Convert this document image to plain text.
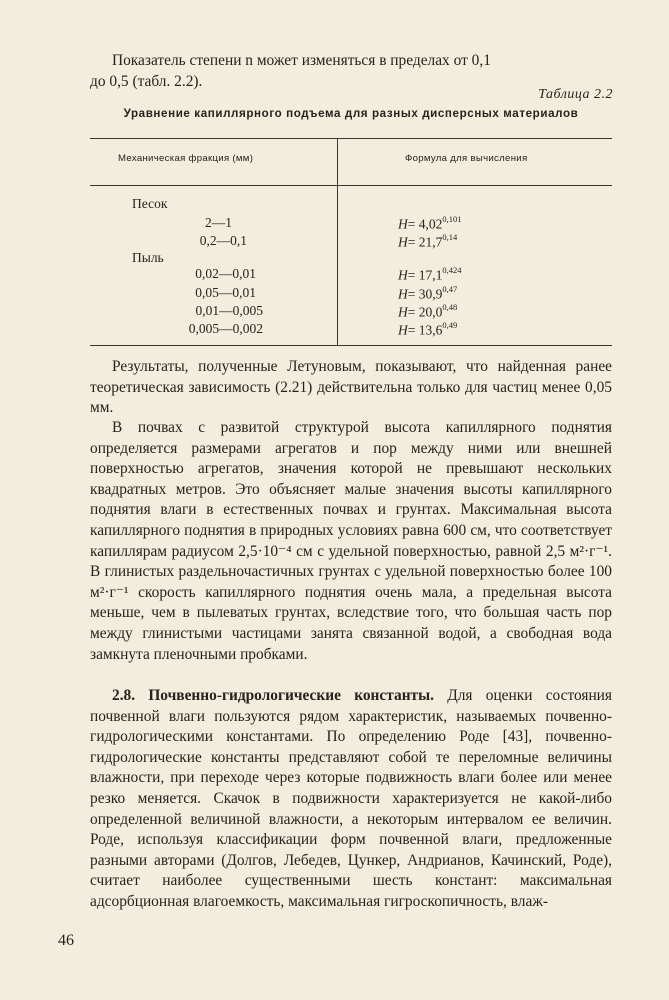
Показатель степени n может изменяться в пределах от 0,1
до 0,5 (табл. 2.2).

Таблица 2.2
Уравнение капиллярного подъема для разных дисперсных материалов
Механическая фракция (мм)	Формула для вычисления
Песок
2—1
0,2—0,1
Пыль
0,02—0,01
0,05—0,01
0,01—0,005
0,005—0,002
$H= 4,02^{0,101}$
$H= 21,7^{0,14}$
$H= 17,1^{0,424}$
$H= 30,9^{0,47}$
$H= 20,0^{0,48}$
$H= 13,6^{0,49}$

Результаты, полученные Летуновым, показывают, что найденная ранее теоретическая зависимость (2.21) действительна только для частиц менее 0,05 мм.

В почвах с развитой структурой высота капиллярного поднятия определяется размерами агрегатов и пор между ними или внешней поверхностью агрегатов, значения которой не превышают нескольких квадратных метров. Это объясняет малые значения высоты капиллярного поднятия влаги в естественных почвах и грунтах. Максимальная высота капиллярного поднятия в природных условиях равна 600 см, что соответствует капиллярам радиусом 2,5·10⁻⁴ см с удельной поверхностью, равной 2,5 м²·г⁻¹. В глинистых раздельночастичных грунтах с удельной поверхностью более 100 м²·г⁻¹ скорость капиллярного поднятия очень мала, а предельная высота меньше, чем в пылеватых грунтах, вследствие того, что большая часть пор между глинистыми частицами занята связанной водой, а свободная вода замкнута пленочными пробками.

2.8. Почвенно-гидрологические константы. Для оценки состояния почвенной влаги пользуются рядом характеристик, называемых почвенно-гидрологическими константами. По определению Роде [43], почвенно-гидрологические константы представляют собой те переломные величины влажности, при переходе через которые подвижность влаги более или менее резко меняется. Скачок в подвижности характеризуется не какой-либо определенной величиной влажности, а некоторым интервалом ее величин. Роде, используя классификации форм почвенной влаги, предложенные разными авторами (Долгов, Лебедев, Цункер, Андрианов, Качинский, Роде), считает наиболее существенными шесть констант: максимальная адсорбционная влагоемкость, максимальная гигроскопичность, влаж-

46
